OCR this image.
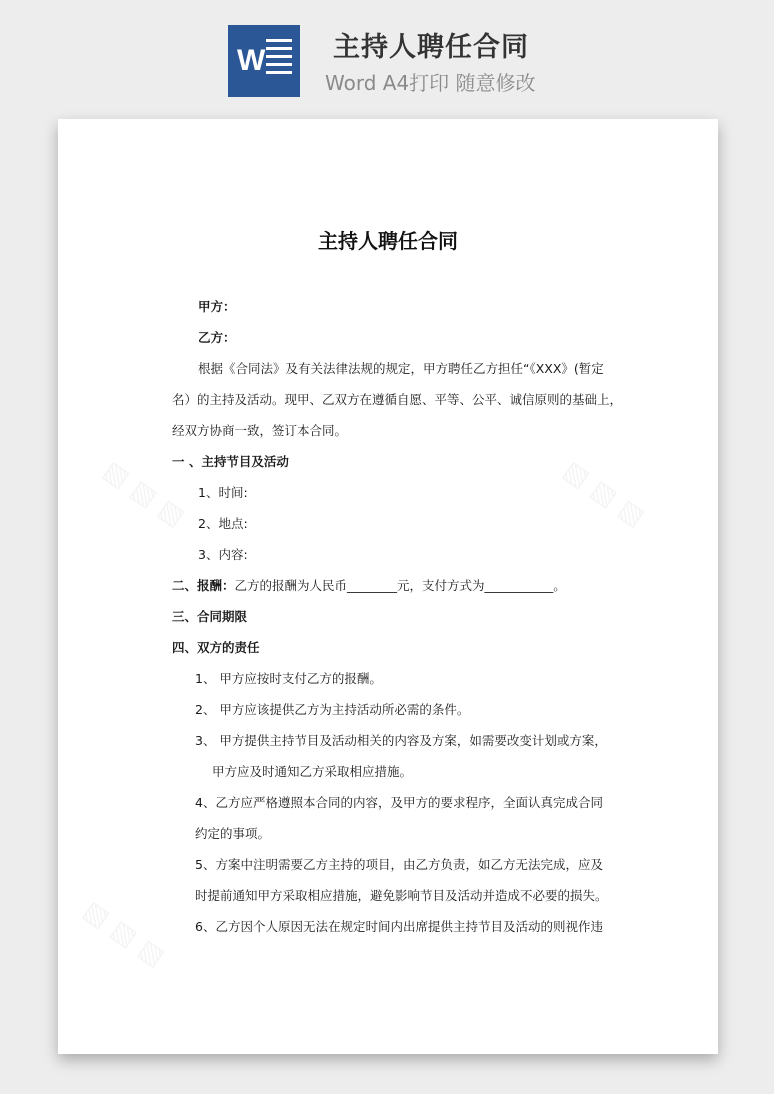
W	主持人聘任合同
Word A4打印 随意修改
主持人聘任合同
甲方：
乙方：
根据《合同法》及有关法律法规的规定，甲方聘任乙方担任“《XXX》(暂定
名）的主持及活动。现甲、乙双方在遵循自愿、平等、公平、诚信原则的基础上，
经双方协商一致，签订本合同。
一 、主持节目及活动
1、时间:
2、地点:
3、内容:
二、报酬：乙方的报酬为人民币________元，支付方式为___________。
三、合同期限
四、双方的责任
1、 甲方应按时支付乙方的报酬。
2、 甲方应该提供乙方为主持活动所必需的条件。
3、 甲方提供主持节目及活动相关的内容及方案，如需要改变计划或方案，
甲方应及时通知乙方采取相应措施。
4、乙方应严格遵照本合同的内容，及甲方的要求程序，全面认真完成合同
约定的事项。
5、方案中注明需要乙方主持的项目，由乙方负责，如乙方无法完成，应及
时提前通知甲方采取相应措施，避免影响节目及活动并造成不必要的损失。
6、乙方因个人原因无法在规定时间内出席提供主持节目及活动的则视作违
